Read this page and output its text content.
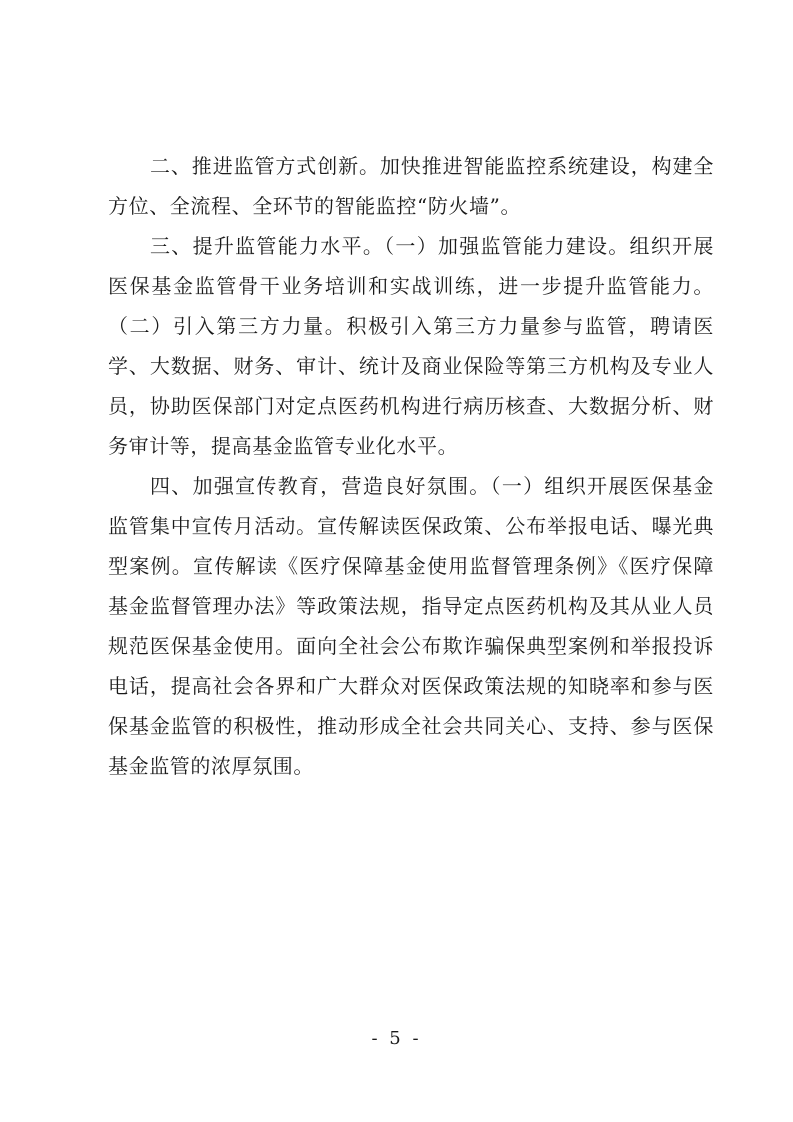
二、推进监管方式创新。加快推进智能监控系统建设，构建全方位、全流程、全环节的智能监控“防火墙”。

三、提升监管能力水平。（一）加强监管能力建设。组织开展医保基金监管骨干业务培训和实战训练，进一步提升监管能力。（二）引入第三方力量。积极引入第三方力量参与监管，聘请医学、大数据、财务、审计、统计及商业保险等第三方机构及专业人员，协助医保部门对定点医药机构进行病历核查、大数据分析、财务审计等，提高基金监管专业化水平。

四、加强宣传教育，营造良好氛围。（一）组织开展医保基金监管集中宣传月活动。宣传解读医保政策、公布举报电话、曝光典型案例。宣传解读《医疗保障基金使用监督管理条例》《医疗保障基金监督管理办法》等政策法规，指导定点医药机构及其从业人员规范医保基金使用。面向全社会公布欺诈骗保典型案例和举报投诉电话，提高社会各界和广大群众对医保政策法规的知晓率和参与医保基金监管的积极性，推动形成全社会共同关心、支持、参与医保基金监管的浓厚氛围。

- 5 -
